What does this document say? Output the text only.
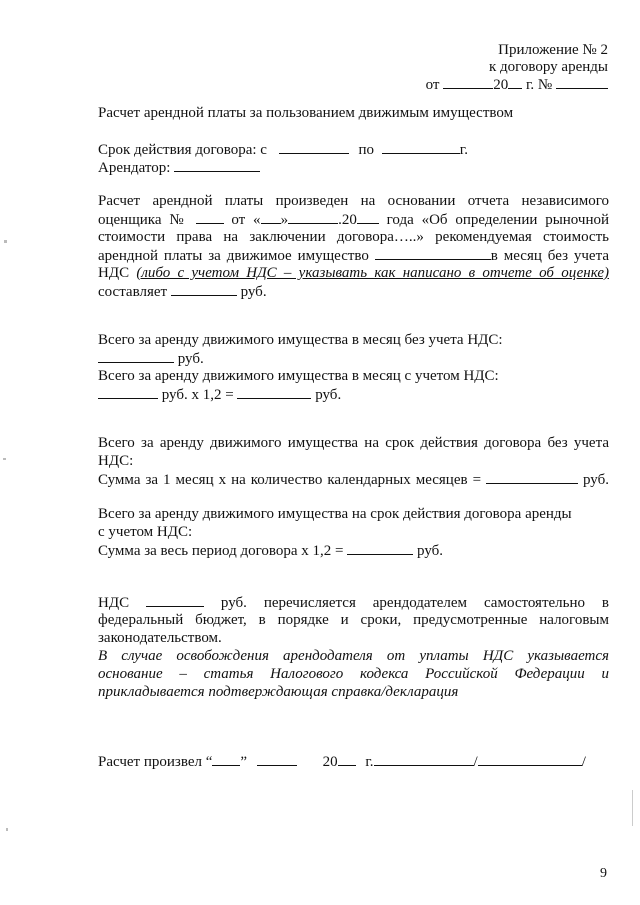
Приложение № 2
к договору аренды
от	20 г. №
Расчет арендной платы за пользованием движимым имуществом
Срок действия договора: с	по	г.
Арендатор:
Расчет арендной платы произведен на основании отчета независимого
оценщика №	от « »	.20 года «Об определении рыночной
стоимости права на заключении договора…..» рекомендуемая стоимость
арендной платы за движимое имущество	в месяц без учета
НДС (либо с учетом НДС – указывать как написано в отчете об оценке)
составляет	руб.
Всего за аренду движимого имущества в месяц без учета НДС:
руб.
Всего за аренду движимого имущества в месяц с учетом НДС:
руб. х 1,2 =	руб.
Всего за аренду движимого имущества на срок действия договора без учета
НДС:
Сумма за 1 месяц х на количество календарных месяцев =	руб.
Всего за аренду движимого имущества на срок действия договора аренды
с учетом НДС:
Сумма за весь период договора х 1,2 =	руб.
НДС	руб. перечисляется арендодателем самостоятельно в
федеральный бюджет, в порядке и сроки, предусмотренные налоговым
законодательством.
В случае освобождения арендодателя от уплаты НДС указывается
основание – статья Налогового кодекса Российской Федерации и
прикладывается подтверждающая справка/декларация
Расчет произвел “ ”	20 г.	/	/
9
